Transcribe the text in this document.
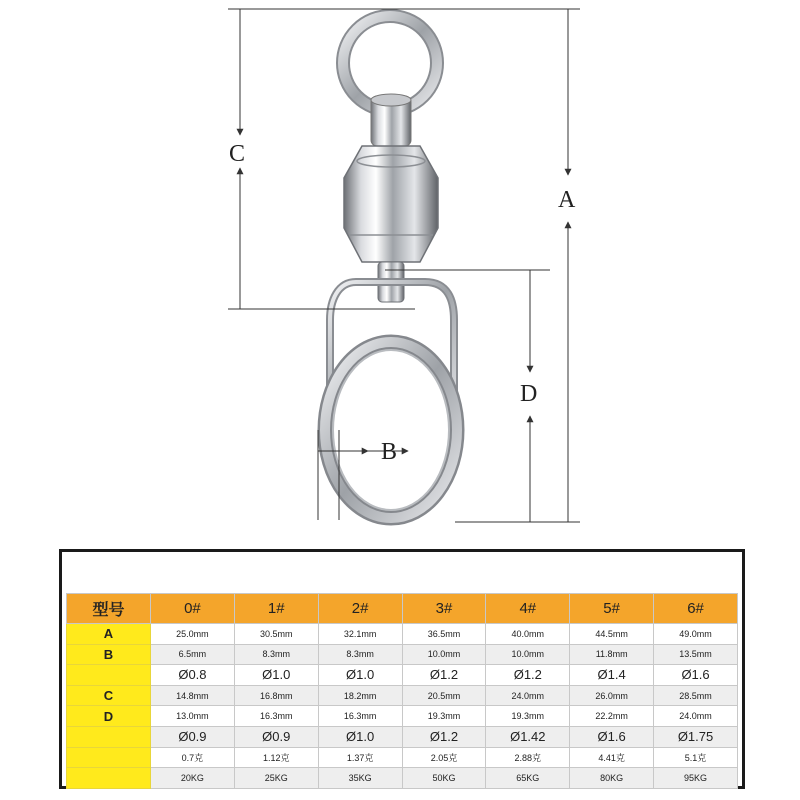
C
A
D
B
型号	0#	1#	2#	3#	4#	5#	6#
A	25.0mm	30.5mm	32.1mm	36.5mm	40.0mm	44.5mm	49.0mm
B	6.5mm	8.3mm	8.3mm	10.0mm	10.0mm	11.8mm	13.5mm
	Ø0.8	Ø1.0	Ø1.0	Ø1.2	Ø1.2	Ø1.4	Ø1.6
C	14.8mm	16.8mm	18.2mm	20.5mm	24.0mm	26.0mm	28.5mm
D	13.0mm	16.3mm	16.3mm	19.3mm	19.3mm	22.2mm	24.0mm
	Ø0.9	Ø0.9	Ø1.0	Ø1.2	Ø1.42	Ø1.6	Ø1.75
	0.7克	1.12克	1.37克	2.05克	2.88克	4.41克	5.1克
	20KG	25KG	35KG	50KG	65KG	80KG	95KG
